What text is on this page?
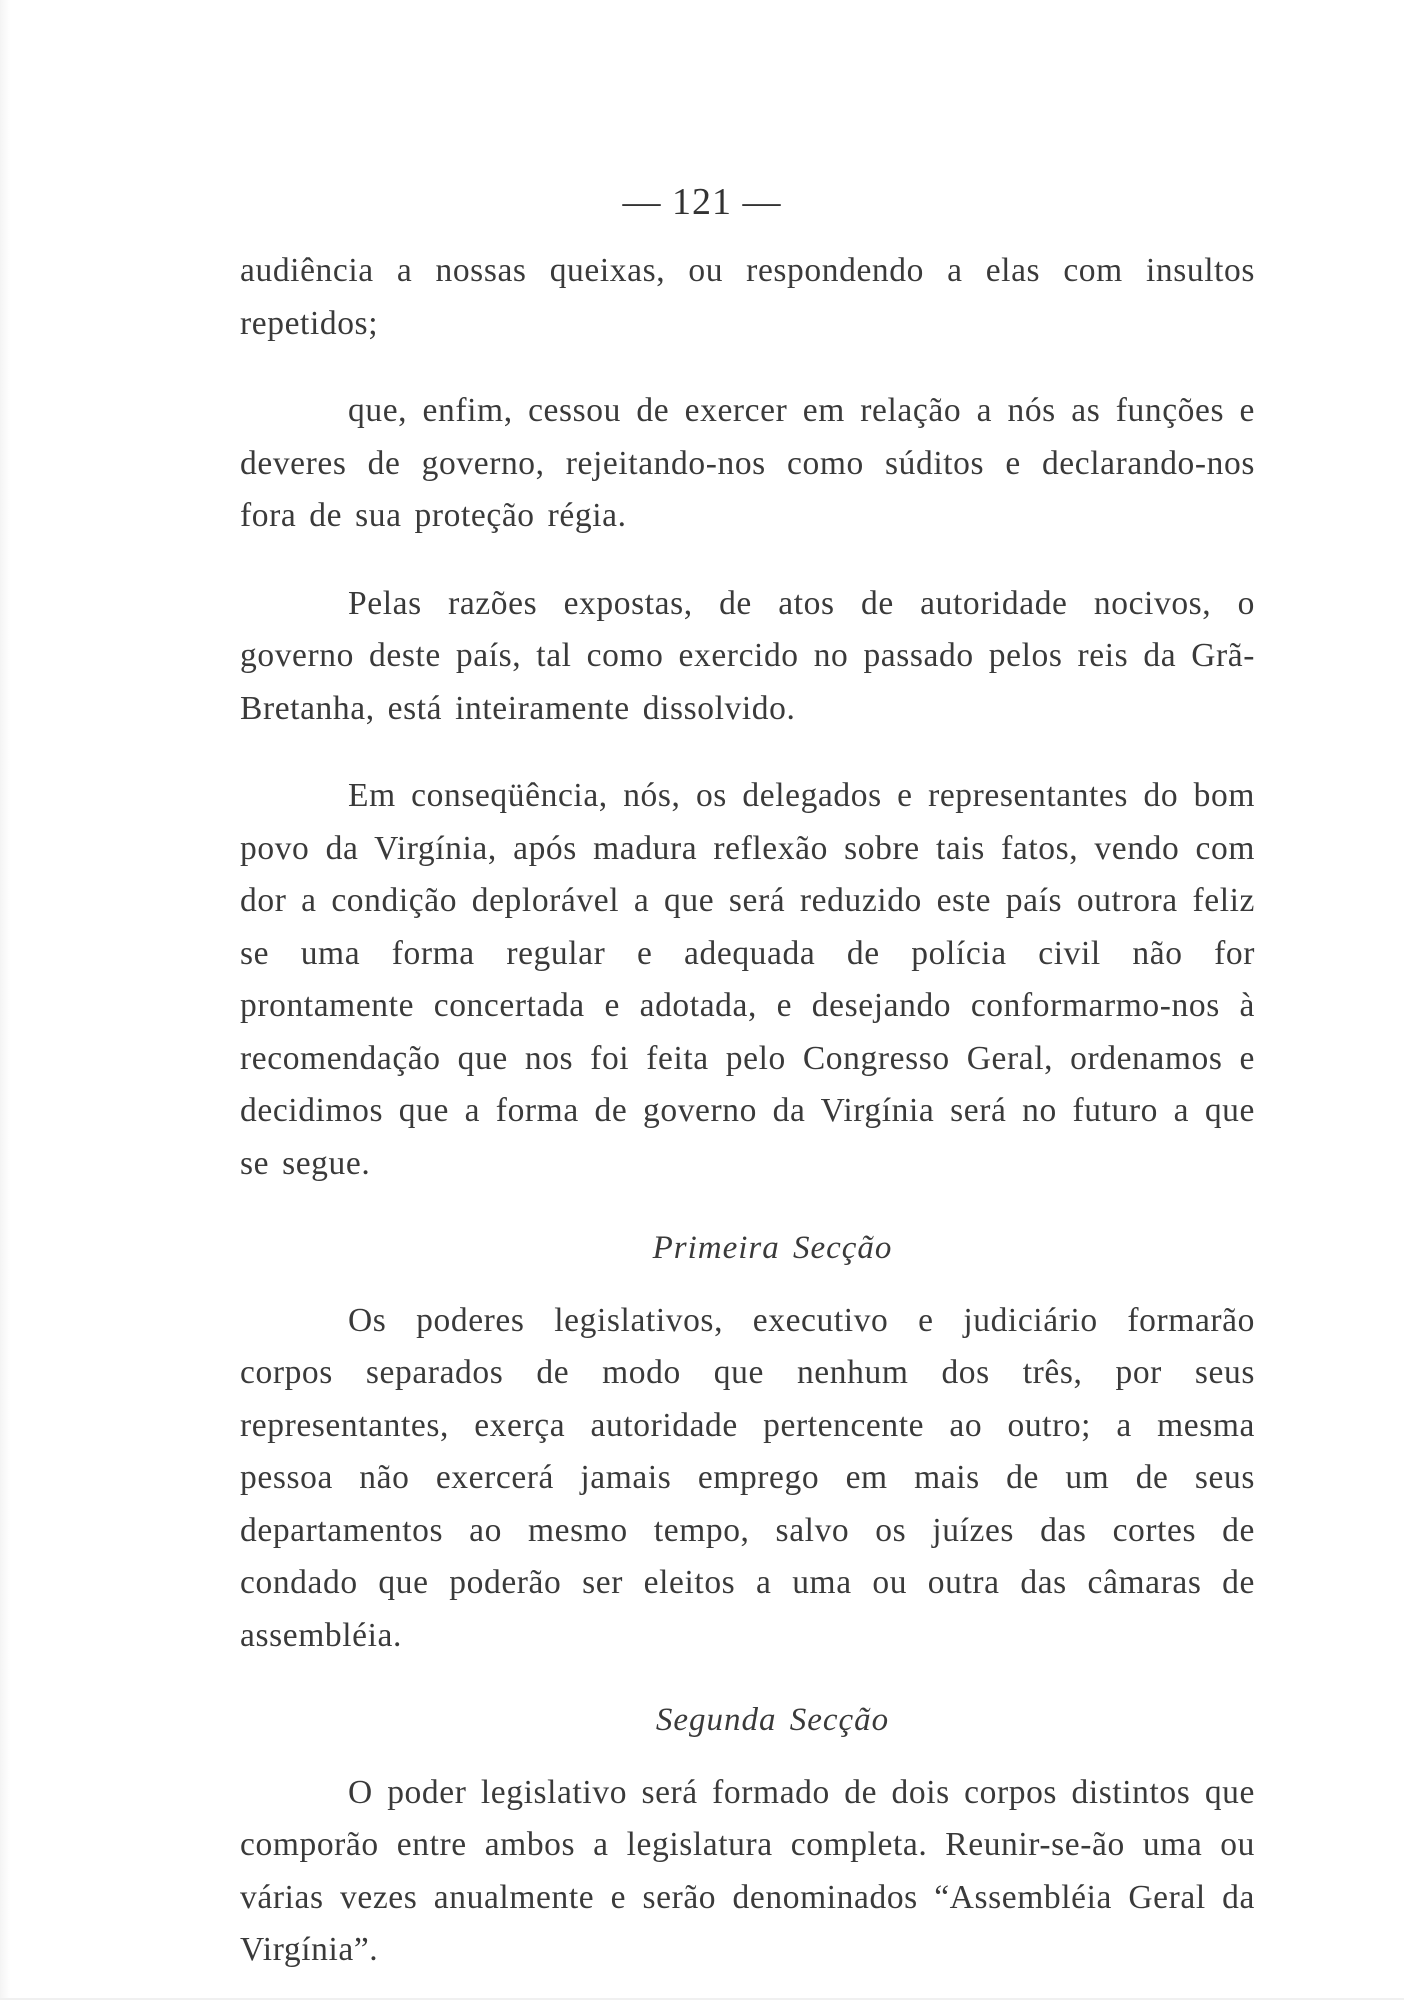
— 121 —

audiência a nossas queixas, ou respondendo a elas com insultos repetidos;

que, enfim, cessou de exercer em relação a nós as funções e deveres de governo, rejeitando-nos como súditos e declarando-nos fora de sua proteção régia.

Pelas razões expostas, de atos de autoridade nocivos, o governo deste país, tal como exercido no passado pelos reis da Grã-Bretanha, está inteiramente dissolvido.

Em conseqüência, nós, os delegados e representantes do bom povo da Virgínia, após madura reflexão sobre tais fatos, vendo com dor a condição deplorável a que será reduzido este país outrora feliz se uma forma regular e adequada de polícia civil não for prontamente concertada e adotada, e desejando conformarmo-nos à recomendação que nos foi feita pelo Congresso Geral, ordenamos e decidimos que a forma de governo da Virgínia será no futuro a que se segue.

Primeira Secção

Os poderes legislativos, executivo e judiciário formarão corpos separados de modo que nenhum dos três, por seus representantes, exerça autoridade pertencente ao outro; a mesma pessoa não exercerá jamais emprego em mais de um de seus departamentos ao mesmo tempo, salvo os juízes das cortes de condado que poderão ser eleitos a uma ou outra das câmaras de assembléia.

Segunda Secção

O poder legislativo será formado de dois corpos distintos que comporão entre ambos a legislatura completa. Reunir-se-ão uma ou várias vezes anualmente e serão denominados “Assembléia Geral da Virgínia”.
